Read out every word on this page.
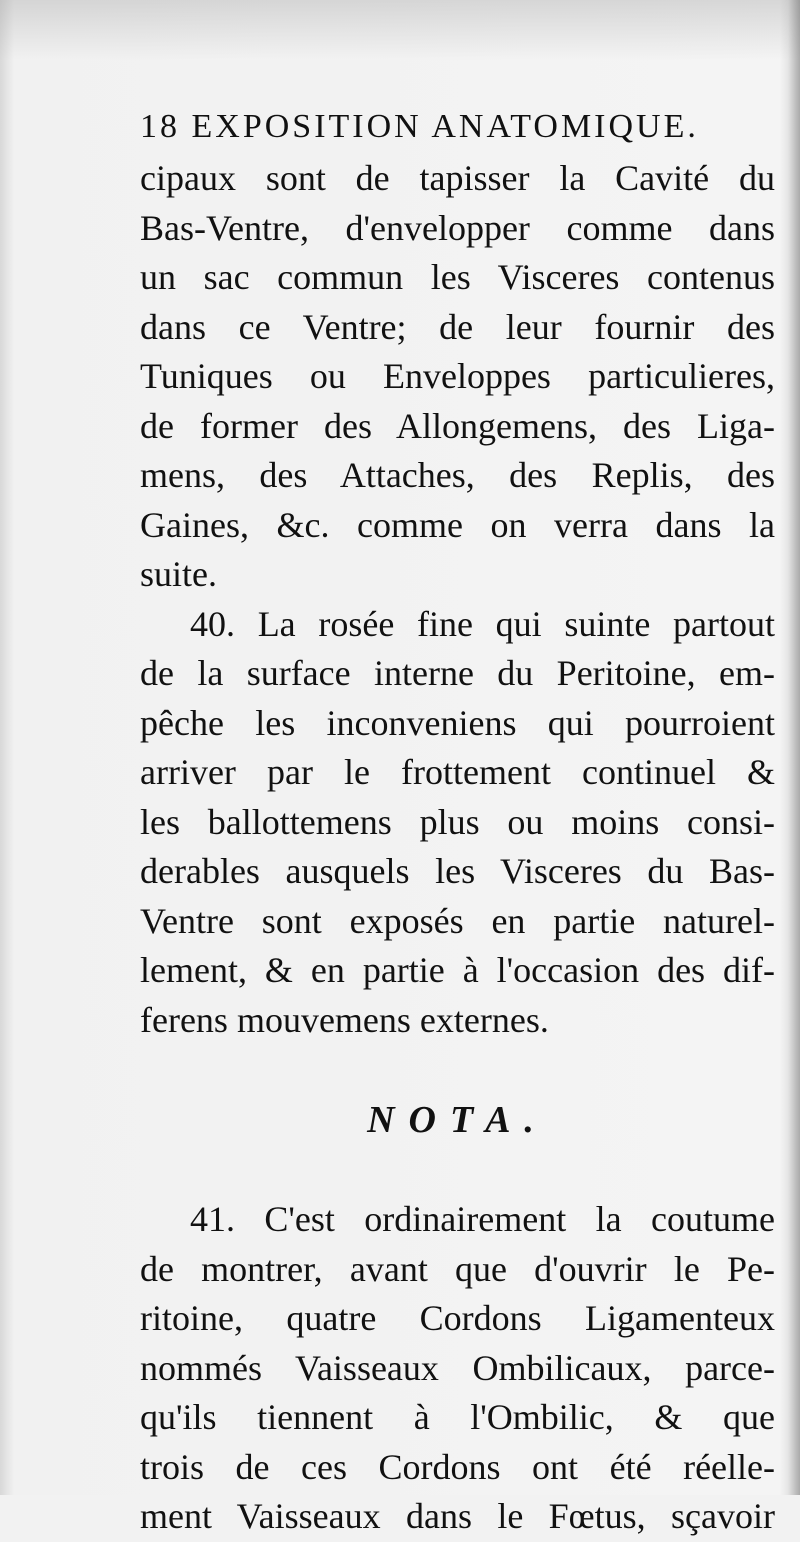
18 EXPOSITION ANATOMIQUE.
cipaux sont de tapisser la Cavité du
Bas-Ventre, d'envelopper comme dans
un sac commun les Visceres contenus
dans ce Ventre; de leur fournir des
Tuniques ou Enveloppes particulieres,
de former des Allongemens, des Liga-
mens, des Attaches, des Replis, des
Gaines, &c. comme on verra dans la
suite.
40. La rosée fine qui suinte partout
de la surface interne du Peritoine, em-
pêche les inconveniens qui pourroient
arriver par le frottement continuel &
les ballottemens plus ou moins consi-
derables ausquels les Visceres du Bas-
Ventre sont exposés en partie naturel-
lement, & en partie à l'occasion des dif-
ferens mouvemens externes.
NOTA.
41. C'est ordinairement la coutume
de montrer, avant que d'ouvrir le Pe-
ritoine, quatre Cordons Ligamenteux
nommés Vaisseaux Ombilicaux, parce-
qu'ils tiennent à l'Ombilic, & que
trois de ces Cordons ont été réelle-
ment Vaisseaux dans le Fœtus, sçavoir
